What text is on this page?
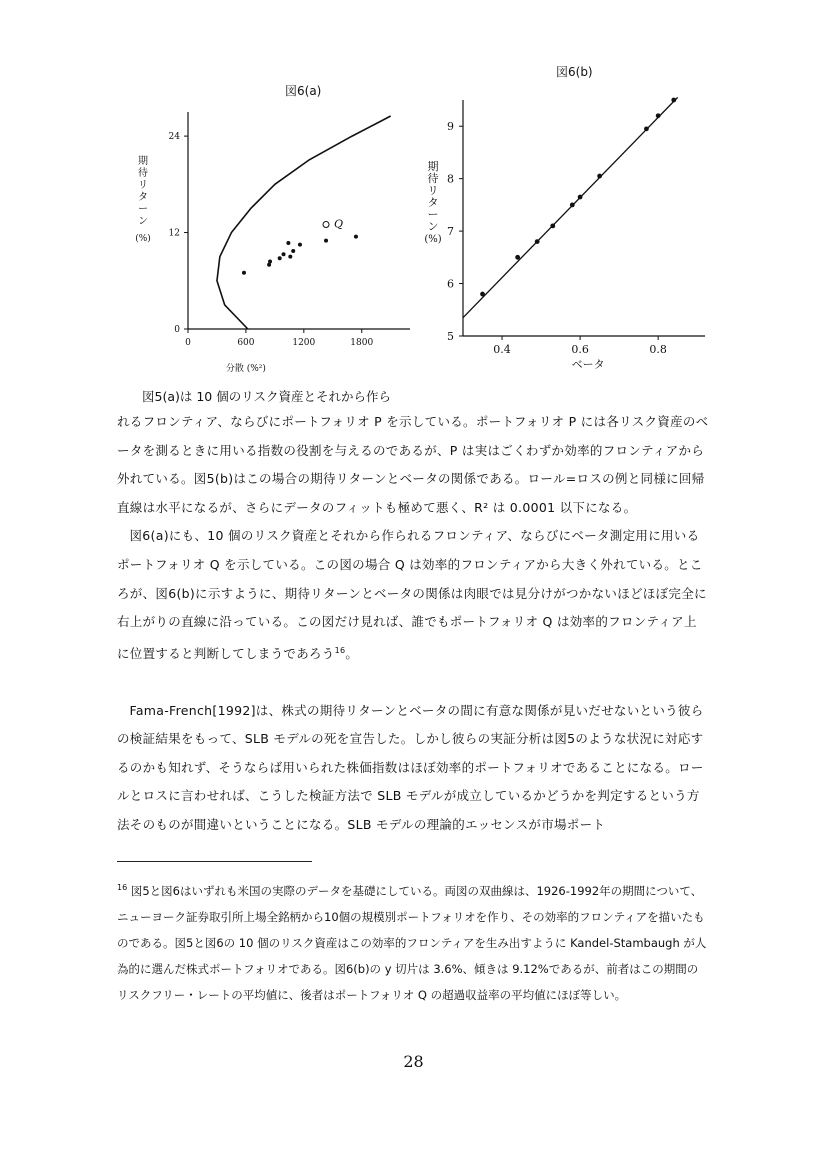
図6(a)
0	600	1200	1800
0
12
24
Q
期
待
リ
タ
ー
ン
(%)
分散 (%²)
図6(b)
0.4	0.6	0.8
5
6
7
8
9
期
待
リ
タ
ー
ン
(%)
ベータ
図5(a)は 10 個のリスク資産とそれから作ら

れるフロンティア、ならびにポートフォリオ P を示している。ポートフォリオ P には各リスク資産のベータを測るときに用いる指数の役割を与えるのであるが、P は実はごくわずか効率的フロンティアから外れている。図5(b)はこの場合の期待リターンとベータの関係である。ロール=ロスの例と同様に回帰直線は水平になるが、さらにデータのフィットも極めて悪く、R² は 0.0001 以下になる。

図6(a)にも、10 個のリスク資産とそれから作られるフロンティア、ならびにベータ測定用に用いるポートフォリオ Q を示している。この図の場合 Q は効率的フロンティアから大きく外れている。ところが、図6(b)に示すように、期待リターンとベータの関係は肉眼では見分けがつかないほどほぼ完全に右上がりの直線に沿っている。この図だけ見れば、誰でもポートフォリオ Q は効率的フロンティア上に位置すると判断してしまうであろう$^{16}$。

Fama-French[1992]は、株式の期待リターンとベータの間に有意な関係が見いだせないという彼らの検証結果をもって、SLB モデルの死を宣告した。しかし彼らの実証分析は図5のような状況に対応するのかも知れず、そうならば用いられた株価指数はほぼ効率的ポートフォリオであることになる。ロールとロスに言わせれば、こうした検証方法で SLB モデルが成立しているかどうかを判定するという方法そのものが間違いということになる。SLB モデルの理論的エッセンスが市場ポート

$^{16}$ 図5と図6はいずれも米国の実際のデータを基礎にしている。両図の双曲線は、1926-1992年の期間について、ニューヨーク証券取引所上場全銘柄から10個の規模別ポートフォリオを作り、その効率的フロンティアを描いたものである。図5と図6の 10 個のリスク資産はこの効率的フロンティアを生み出すように Kandel-Stambaugh が人為的に選んだ株式ポートフォリオである。図6(b)の y 切片は 3.6%、傾きは 9.12%であるが、前者はこの期間のリスクフリー・レートの平均値に、後者はポートフォリオ Q の超過収益率の平均値にほぼ等しい。
28
